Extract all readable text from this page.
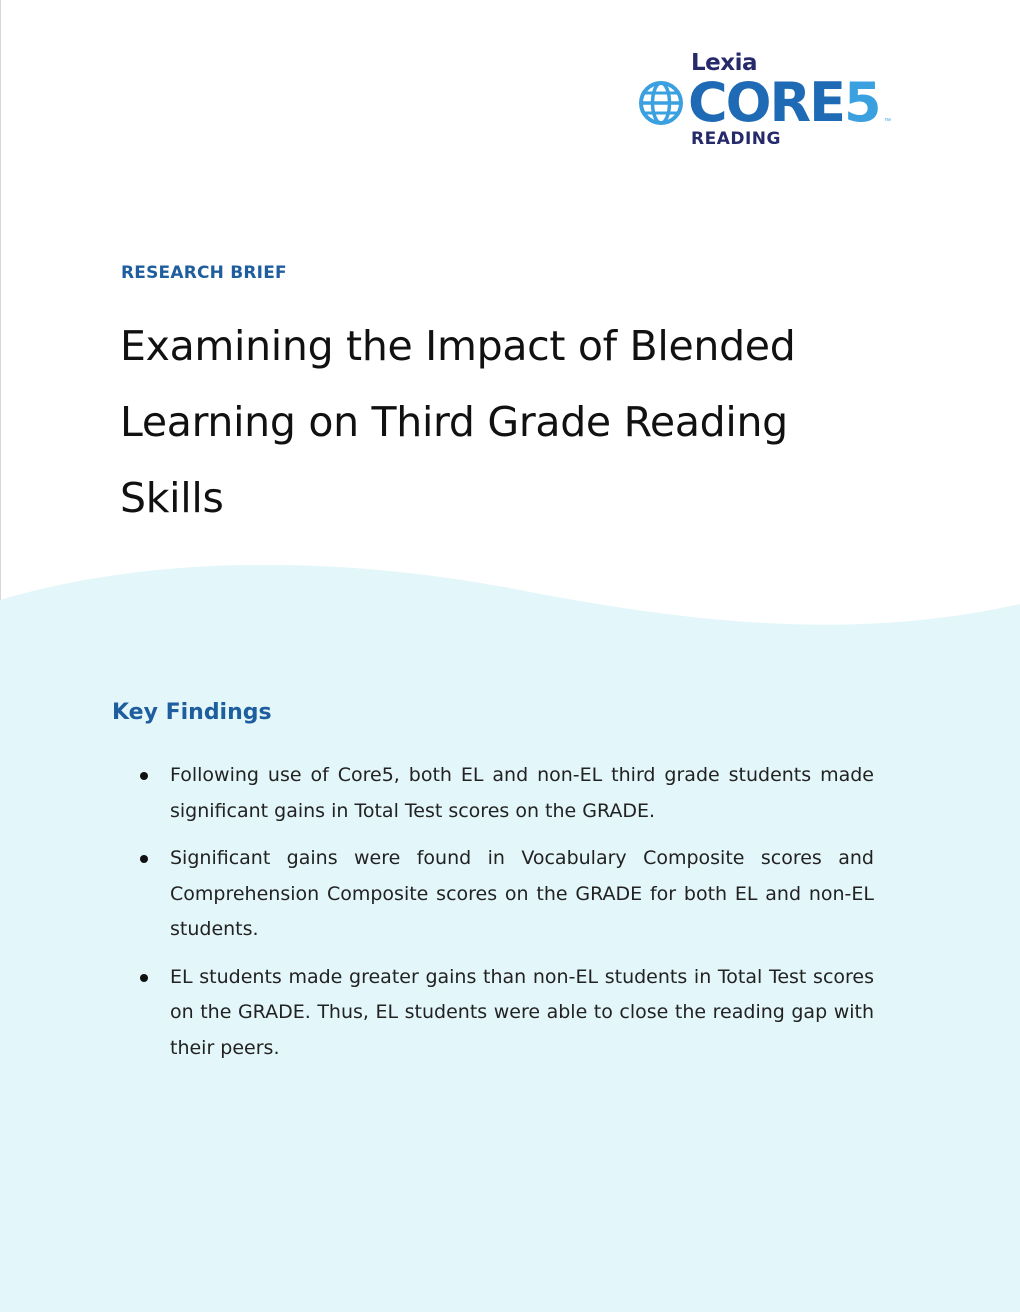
Lexia
CORE5 ™
READING
RESEARCH BRIEF
Examining the Impact of Blended Learning on Third Grade Reading Skills
Key Findings
Following use of Core5, both EL and non-EL third grade students made significant gains in Total Test scores on the GRADE.
Significant gains were found in Vocabulary Composite scores and Comprehension Composite scores on the GRADE for both EL and non-EL students.
EL students made greater gains than non-EL students in Total Test scores on the GRADE. Thus, EL students were able to close the reading gap with their peers.
